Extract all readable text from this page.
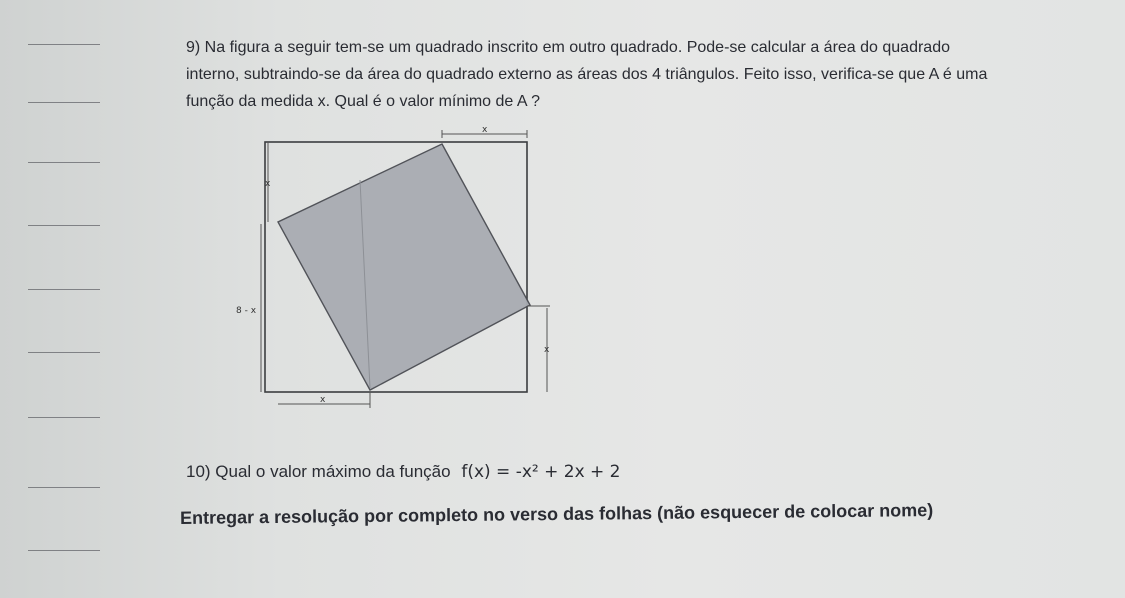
9) Na figura a seguir tem-se um quadrado inscrito em outro quadrado. Pode-se calcular a área do quadrado
interno, subtraindo-se da área do quadrado externo as áreas dos 4 triângulos. Feito isso, verifica-se que A é uma
função da medida x. Qual é o valor mínimo de A ?
x
x
8 - x
x
x
10) Qual o valor máximo da função f(x) = -x² + 2x + 2
Entregar a resolução por completo no verso das folhas (não esquecer de colocar nome)
